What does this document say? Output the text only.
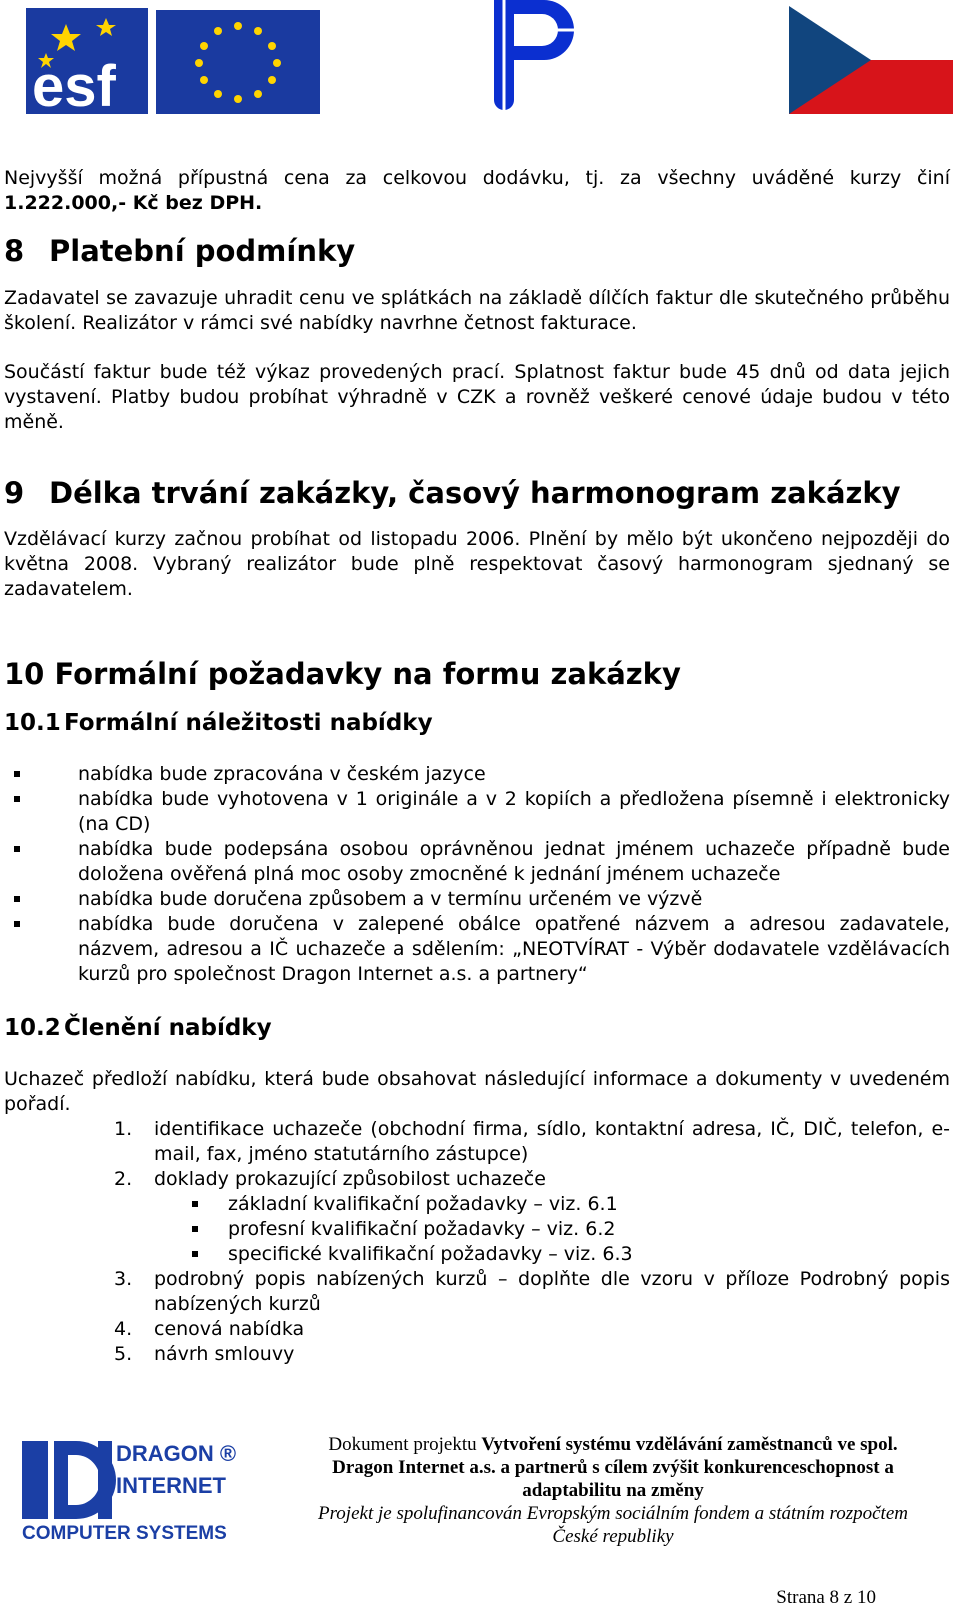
esf

Nejvyšší možná přípustná cena za celkovou dodávku, tj. za všechny uváděné kurzy činí 1.222.000,- Kč bez DPH.

8 Platební podmínky

Zadavatel se zavazuje uhradit cenu ve splátkách na základě dílčích faktur dle skutečného průběhu školení. Realizátor v rámci své nabídky navrhne četnost fakturace.

Součástí faktur bude též výkaz provedených prací. Splatnost faktur bude 45 dnů od data jejich vystavení. Platby budou probíhat výhradně v CZK a rovněž veškeré cenové údaje budou v této měně.

9 Délka trvání zakázky, časový harmonogram zakázky

Vzdělávací kurzy začnou probíhat od listopadu 2006. Plnění by mělo být ukončeno nejpozději do května 2008. Vybraný realizátor bude plně respektovat časový harmonogram sjednaný se zadavatelem.

10
Formální požadavky na formu zakázky
10.1 Formální náležitosti nabídky
nabídka bude zpracována v českém jazyce
nabídka bude vyhotovena v 1 originále a v 2 kopiích a předložena písemně i elektronicky (na CD)
nabídka bude podepsána osobou oprávněnou jednat jménem uchazeče případně bude doložena ověřená plná moc osoby zmocněné k jednání jménem uchazeče
nabídka bude doručena způsobem a v termínu určeném ve výzvě
nabídka bude doručena v zalepené obálce opatřené názvem a adresou zadavatele, názvem, adresou a IČ uchazeče a sdělením: „NEOTVÍRAT - Výběr dodavatele vzdělávacích kurzů pro společnost Dragon Internet a.s. a partnery“
10.2 Členění nabídky

Uchazeč předloží nabídku, která bude obsahovat následující informace a dokumenty v uvedeném pořadí.

1. identifikace uchazeče (obchodní firma, sídlo, kontaktní adresa, IČ, DIČ, telefon, e-mail, fax, jméno statutárního zástupce)
2. doklady prokazující způsobilost uchazeče
základní kvalifikační požadavky – viz. 6.1
profesní kvalifikační požadavky – viz. 6.2
specifické kvalifikační požadavky – viz. 6.3
3. podrobný popis nabízených kurzů – doplňte dle vzoru v příloze Podrobný popis nabízených kurzů
4. cenová nabídka
5. návrh smlouvy
DRAGON ®
INTERNET
COMPUTER SYSTEMS
Dokument projektu Vytvoření systému vzdělávání zaměstnanců ve spol. Dragon Internet a.s. a partnerů s cílem zvýšit konkurenceschopnost a adaptabilitu na změny
Projekt je spolufinancován Evropským sociálním fondem a státním rozpočtem České republiky
Strana 8 z 10
